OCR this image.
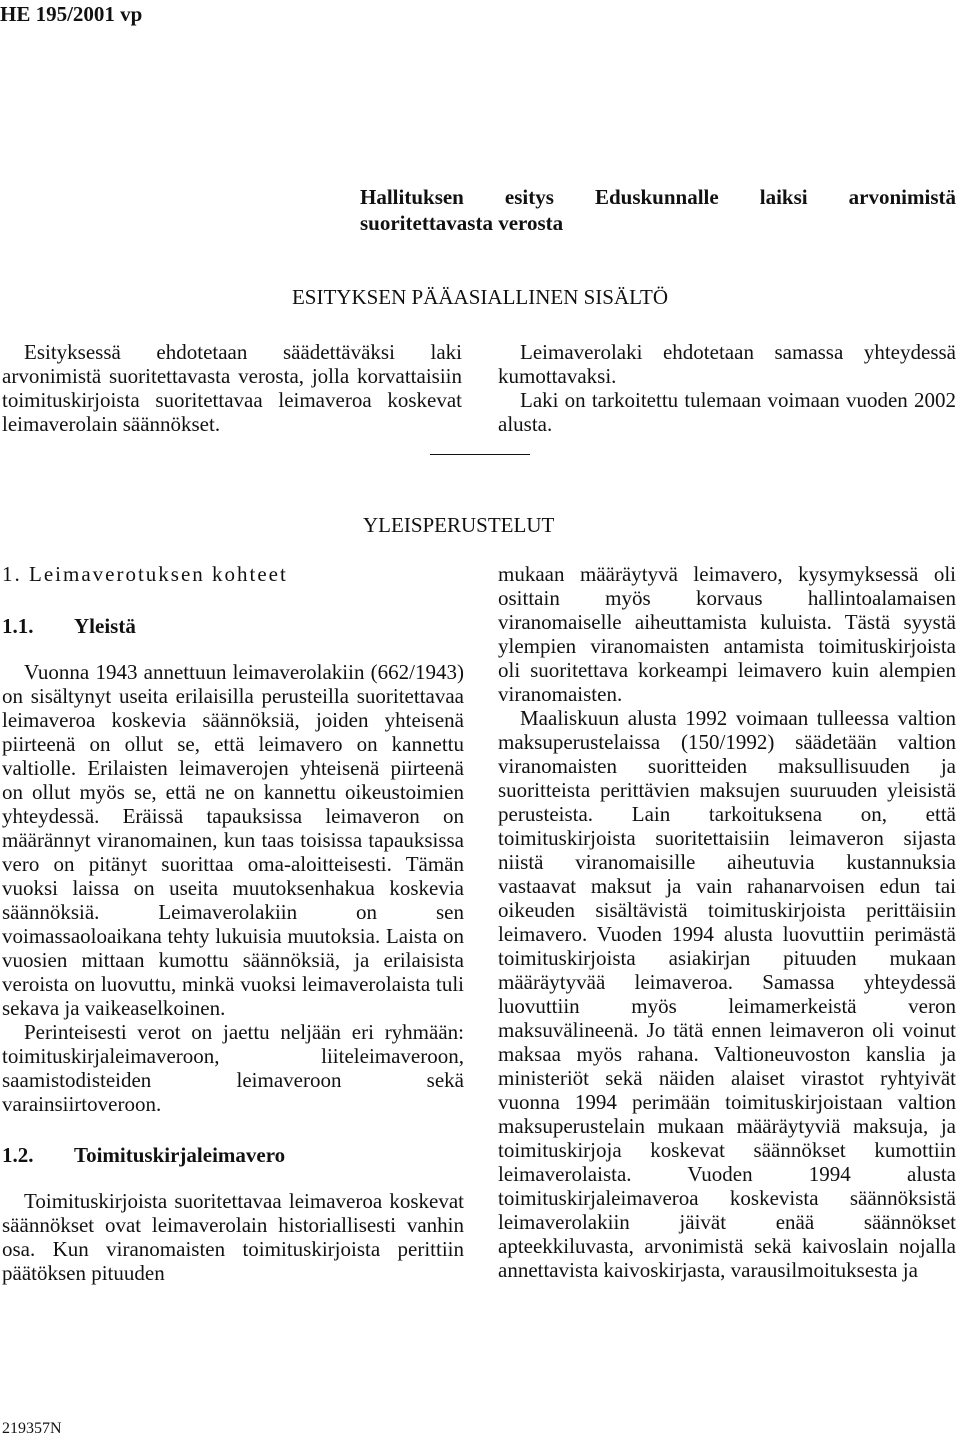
HE 195/2001 vp
Hallituksen esitys Eduskunnalle laiksi arvonimistä
suoritettavasta verosta
ESITYKSEN PÄÄASIALLINEN SISÄLTÖ

Esityksessä ehdotetaan säädettäväksi laki arvonimistä suoritettavasta verosta, jolla korvattaisiin toimituskirjoista suoritettavaa leimaveroa koskevat leimaverolain säännökset.

Leimaverolaki ehdotetaan samassa yhteydessä kumottavaksi.

Laki on tarkoitettu tulemaan voimaan vuoden 2002 alusta.

YLEISPERUSTELUT
1. Leimaverotuksen kohteet
1.1. Yleistä

Vuonna 1943 annettuun leimaverolakiin (662/1943) on sisältynyt useita erilaisilla perusteilla suoritettavaa leimaveroa koskevia säännöksiä, joiden yhteisenä piirteenä on ollut se, että leimavero on kannettu valtiolle. Erilaisten leimaverojen yhteisenä piirteenä on ollut myös se, että ne on kannettu oikeustoimien yhteydessä. Eräissä tapauksissa leimaveron on määrännyt viranomainen, kun taas toisissa tapauksissa vero on pitänyt suorittaa oma-aloitteisesti. Tämän vuoksi laissa on useita muutoksenhakua koskevia säännöksiä. Leimaverolakiin on sen voimassaoloaikana tehty lukuisia muutoksia. Laista on vuosien mittaan kumottu säännöksiä, ja erilaisista veroista on luovuttu, minkä vuoksi leimaverolaista tuli sekava ja vaikeaselkoinen.

Perinteisesti verot on jaettu neljään eri ryhmään: toimituskirjaleimaveroon, liiteleimaveroon, saamistodisteiden leimaveroon sekä varainsiirtoveroon.

1.2. Toimituskirjaleimavero

Toimituskirjoista suoritettavaa leimaveroa koskevat säännökset ovat leimaverolain historiallisesti vanhin osa. Kun viranomaisten toimituskirjoista perittiin päätöksen pituuden

mukaan määräytyvä leimavero, kysymyksessä oli osittain myös korvaus hallintoalamaisen viranomaiselle aiheuttamista kuluista. Tästä syystä ylempien viranomaisten antamista toimituskirjoista oli suoritettava korkeampi leimavero kuin alempien viranomaisten.

Maaliskuun alusta 1992 voimaan tulleessa valtion maksuperustelaissa (150/1992) säädetään valtion viranomaisten suoritteiden maksullisuuden ja suoritteista perittävien maksujen suuruuden yleisistä perusteista. Lain tarkoituksena on, että toimituskirjoista suoritettaisiin leimaveron sijasta niistä viranomaisille aiheutuvia kustannuksia vastaavat maksut ja vain rahanarvoisen edun tai oikeuden sisältävistä toimituskirjoista perittäisiin leimavero. Vuoden 1994 alusta luovuttiin perimästä toimituskirjoista asiakirjan pituuden mukaan määräytyvää leimaveroa. Samassa yhteydessä luovuttiin myös leimamerkeistä veron maksuvälineenä. Jo tätä ennen leimaveron oli voinut maksaa myös rahana. Valtioneuvoston kanslia ja ministeriöt sekä näiden alaiset virastot ryhtyivät vuonna 1994 perimään toimituskirjoistaan valtion maksuperustelain mukaan määräytyviä maksuja, ja toimituskirjoja koskevat säännökset kumottiin leimaverolaista. Vuoden 1994 alusta toimituskirjaleimaveroa koskevista säännöksistä leimaverolakiin jäivät enää säännökset apteekkiluvasta, arvonimistä sekä kaivoslain nojalla annettavista kaivoskirjasta, varausilmoituksesta ja

219357N
